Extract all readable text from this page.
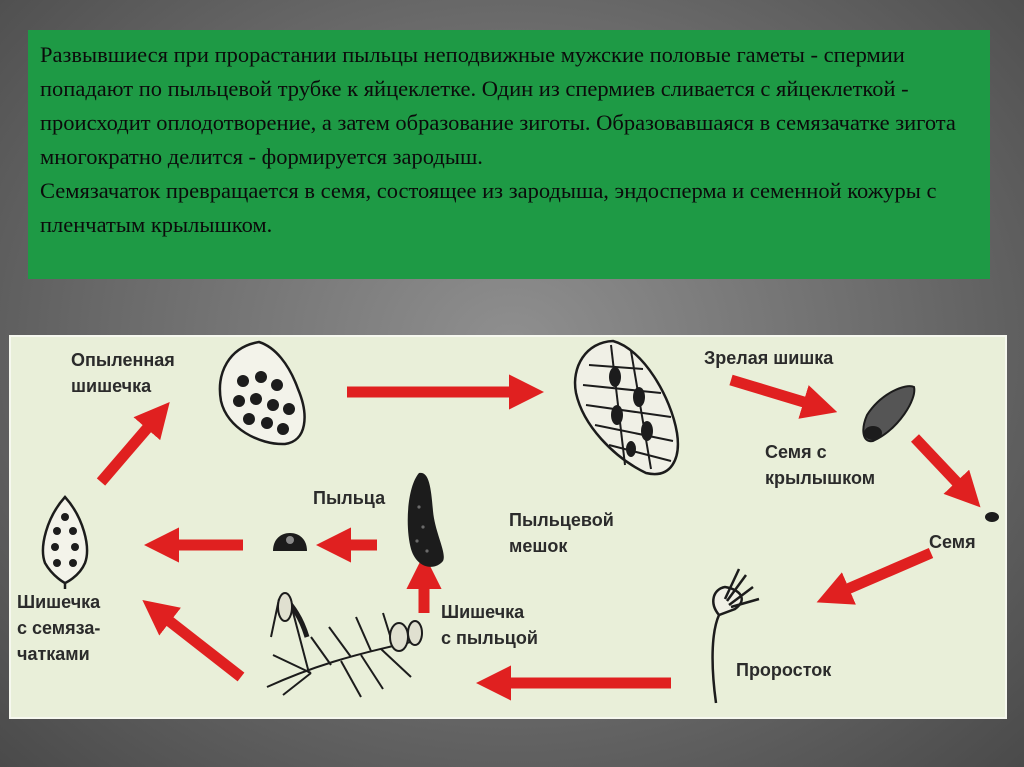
Развывшиеся при прорастании пыльцы неподвижные мужские половые гаметы - спермии попадают по пыльцевой трубке к яйцеклетке. Один из спермиев сливается с яйцеклеткой - происходит оплодотворение, а затем образование зиготы. Образовавшаяся в семязачатке зигота многократно делится - формируется зародыш.

Семязачаток превращается в семя, состоящее из зародыша, эндосперма и семенной кожуры с пленчатым крылышком.

Опыленная
шишечка
Зрелая шишка
Семя с
крылышком
Семя
Проросток
Шишечка
с пыльцой
Пыльцевой
мешок
Пыльца
Шишечка
с семяза-
чатками
